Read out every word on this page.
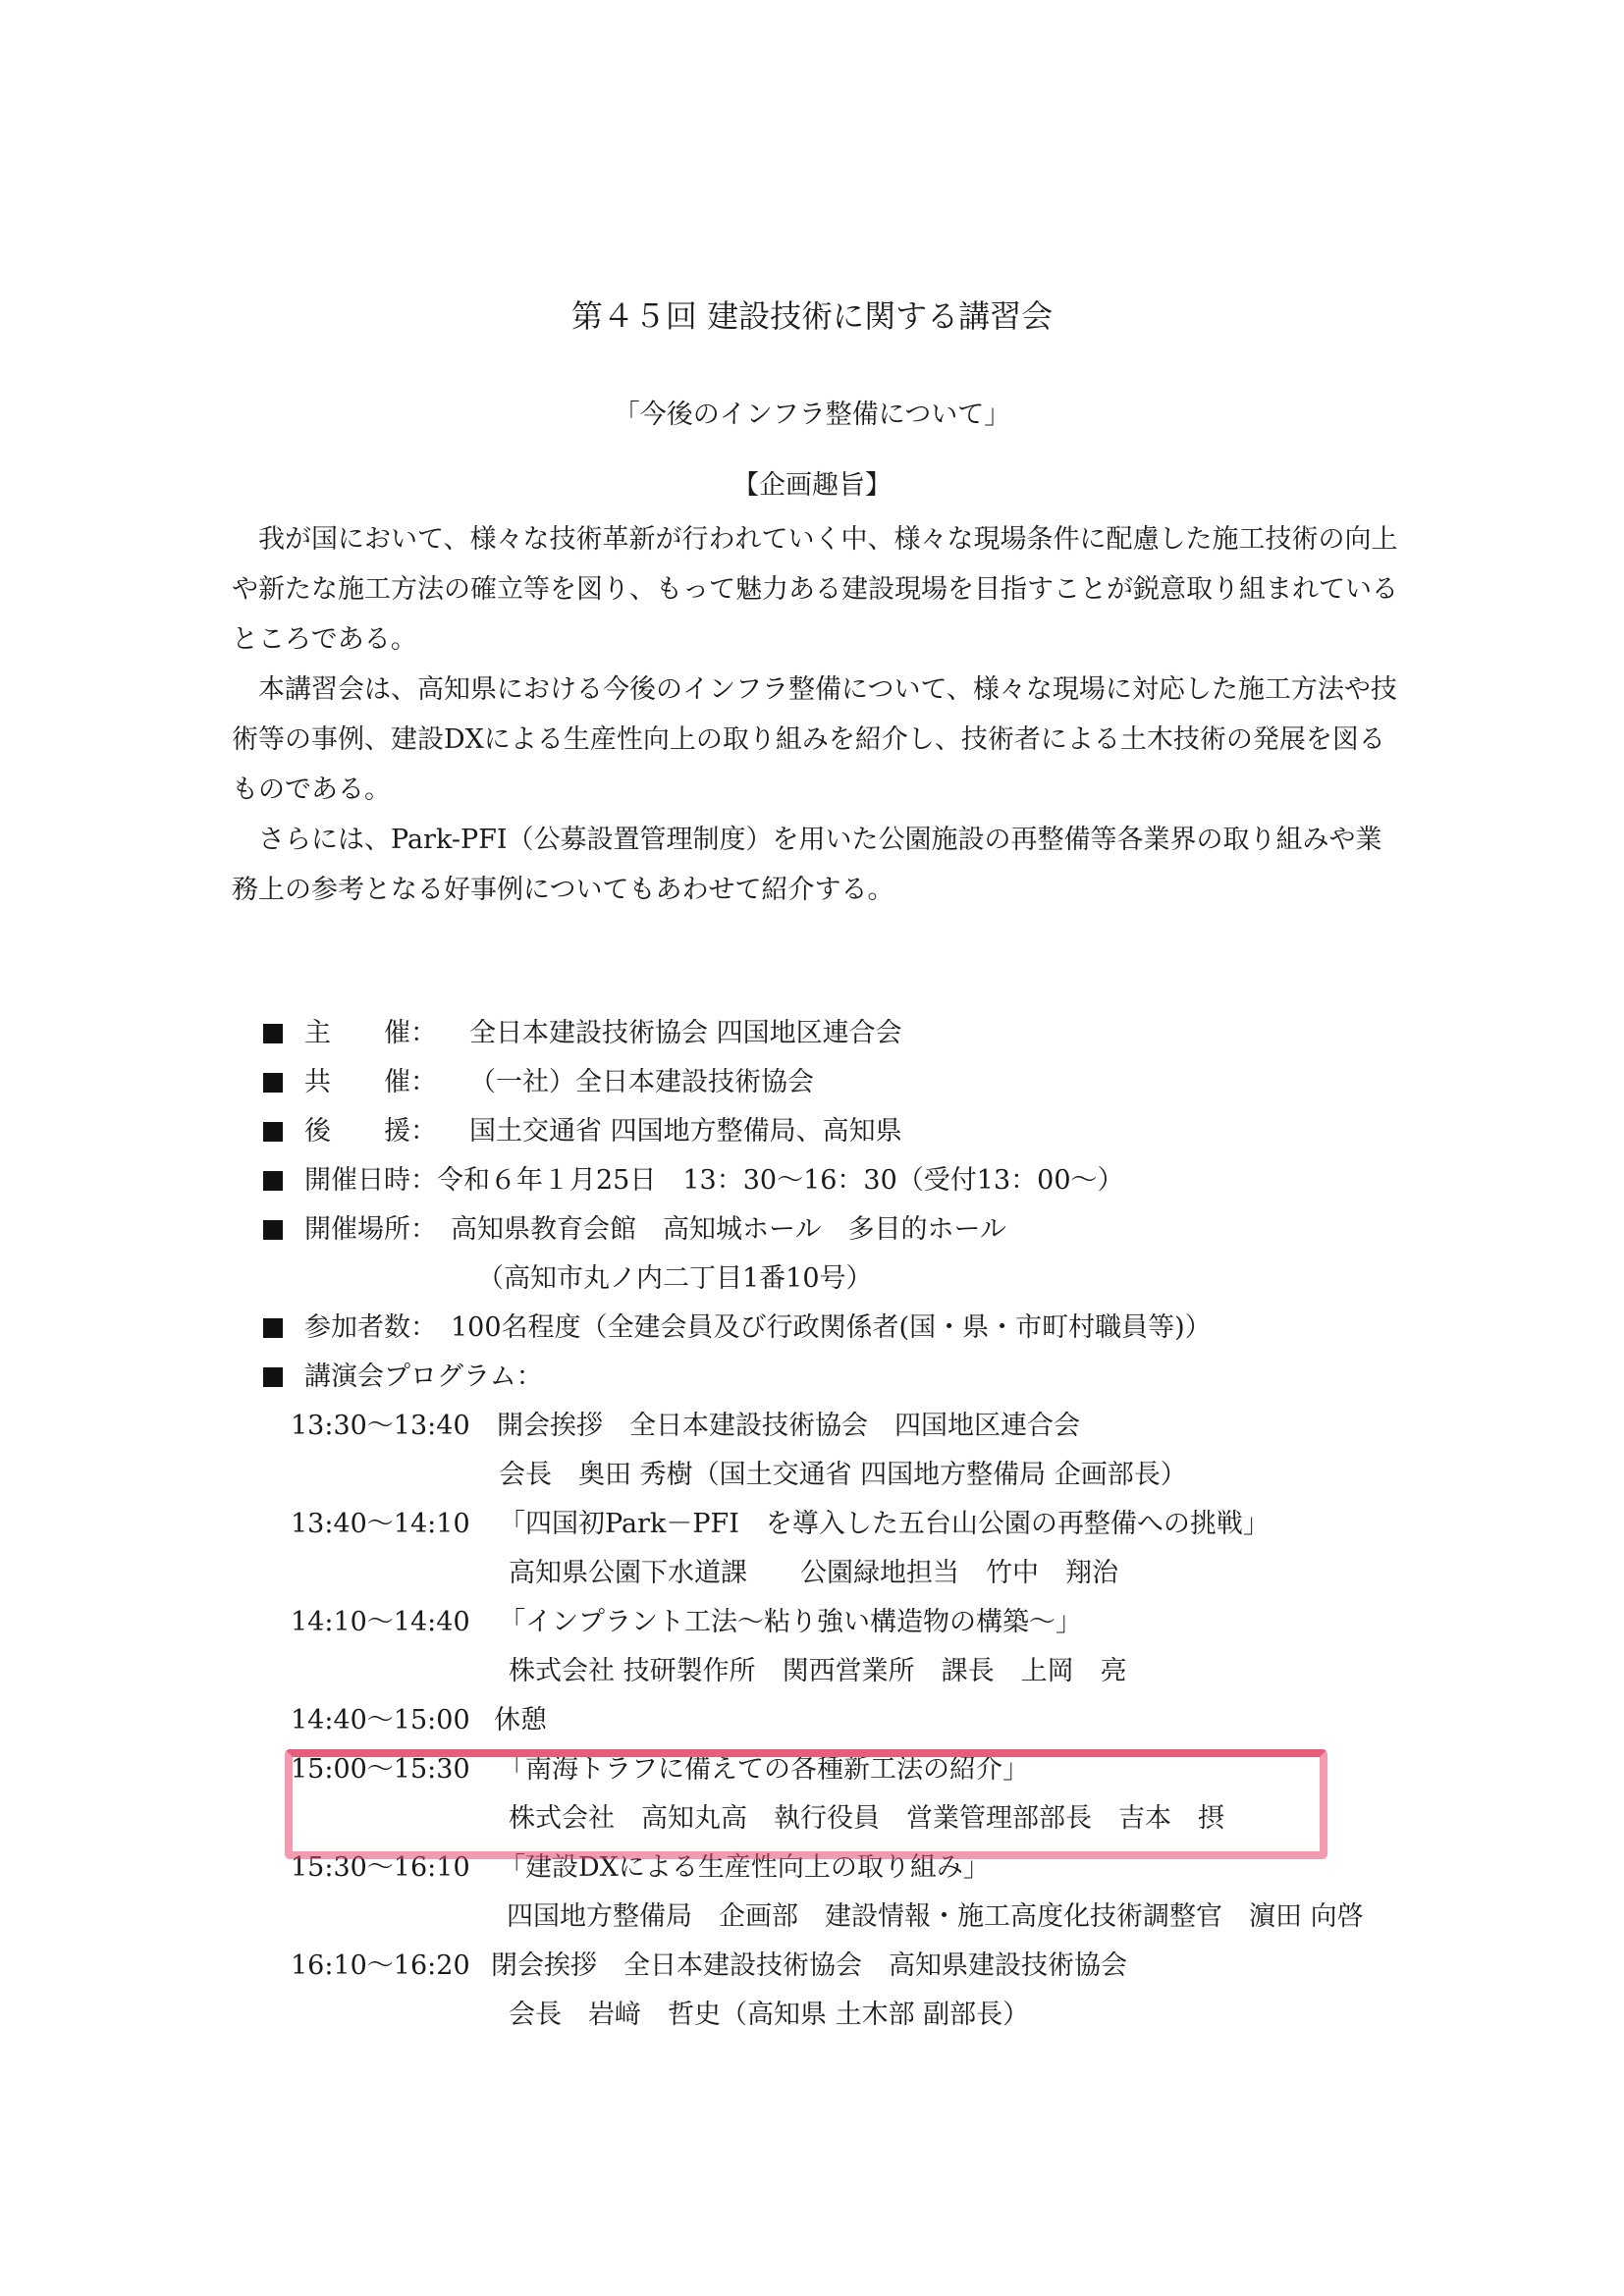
第４５回 建設技術に関する講習会
「今後のインフラ整備について」
【企画趣旨】

我が国において、様々な技術革新が行われていく中、様々な現場条件に配慮した施工技術の向上や新たな施工方法の確立等を図り、もって魅力ある建設現場を目指すことが鋭意取り組まれているところである。

本講習会は、高知県における今後のインフラ整備について、様々な現場に対応した施工方法や技術等の事例、建設DXによる生産性向上の取り組みを紹介し、技術者による土木技術の発展を図るものである。

さらには、Park-PFI（公募設置管理制度）を用いた公園施設の再整備等各業界の取り組みや業務上の参考となる好事例についてもあわせて紹介する。

主　　催：	全日本建設技術協会 四国地区連合会
共　　催：	（一社）全日本建設技術協会
後　　援：	国土交通省 四国地方整備局、高知県
開催日時： 令和６年１月25日　13：30～16：30（受付13：00～）
開催場所： 高知県教育会館　高知城ホール　多目的ホール
（高知市丸ノ内二丁目1番10号）
参加者数： 100名程度（全建会員及び行政関係者(国・県・市町村職員等)）
講演会プログラム：
13:30～13:40 開会挨拶　全日本建設技術協会　四国地区連合会
会長　奥田 秀樹（国土交通省 四国地方整備局 企画部長）
13:40～14:10 「四国初Park－PFI　を導入した五台山公園の再整備への挑戦」
高知県公園下水道課　　公園緑地担当　竹中　翔治
14:10～14:40 「インプラント工法～粘り強い構造物の構築～」
株式会社 技研製作所　関西営業所　課長　上岡　亮
14:40～15:00 休憩
15:00～15:30 「南海トラフに備えての各種新工法の紹介」
株式会社　高知丸高　執行役員　営業管理部部長　吉本　摂
15:30～16:10 「建設DXによる生産性向上の取り組み」
四国地方整備局　企画部　建設情報・施工高度化技術調整官　濵田 向啓
16:10～16:20 閉会挨拶　全日本建設技術協会　高知県建設技術協会
会長　岩﨑　哲史（高知県 土木部 副部長）
